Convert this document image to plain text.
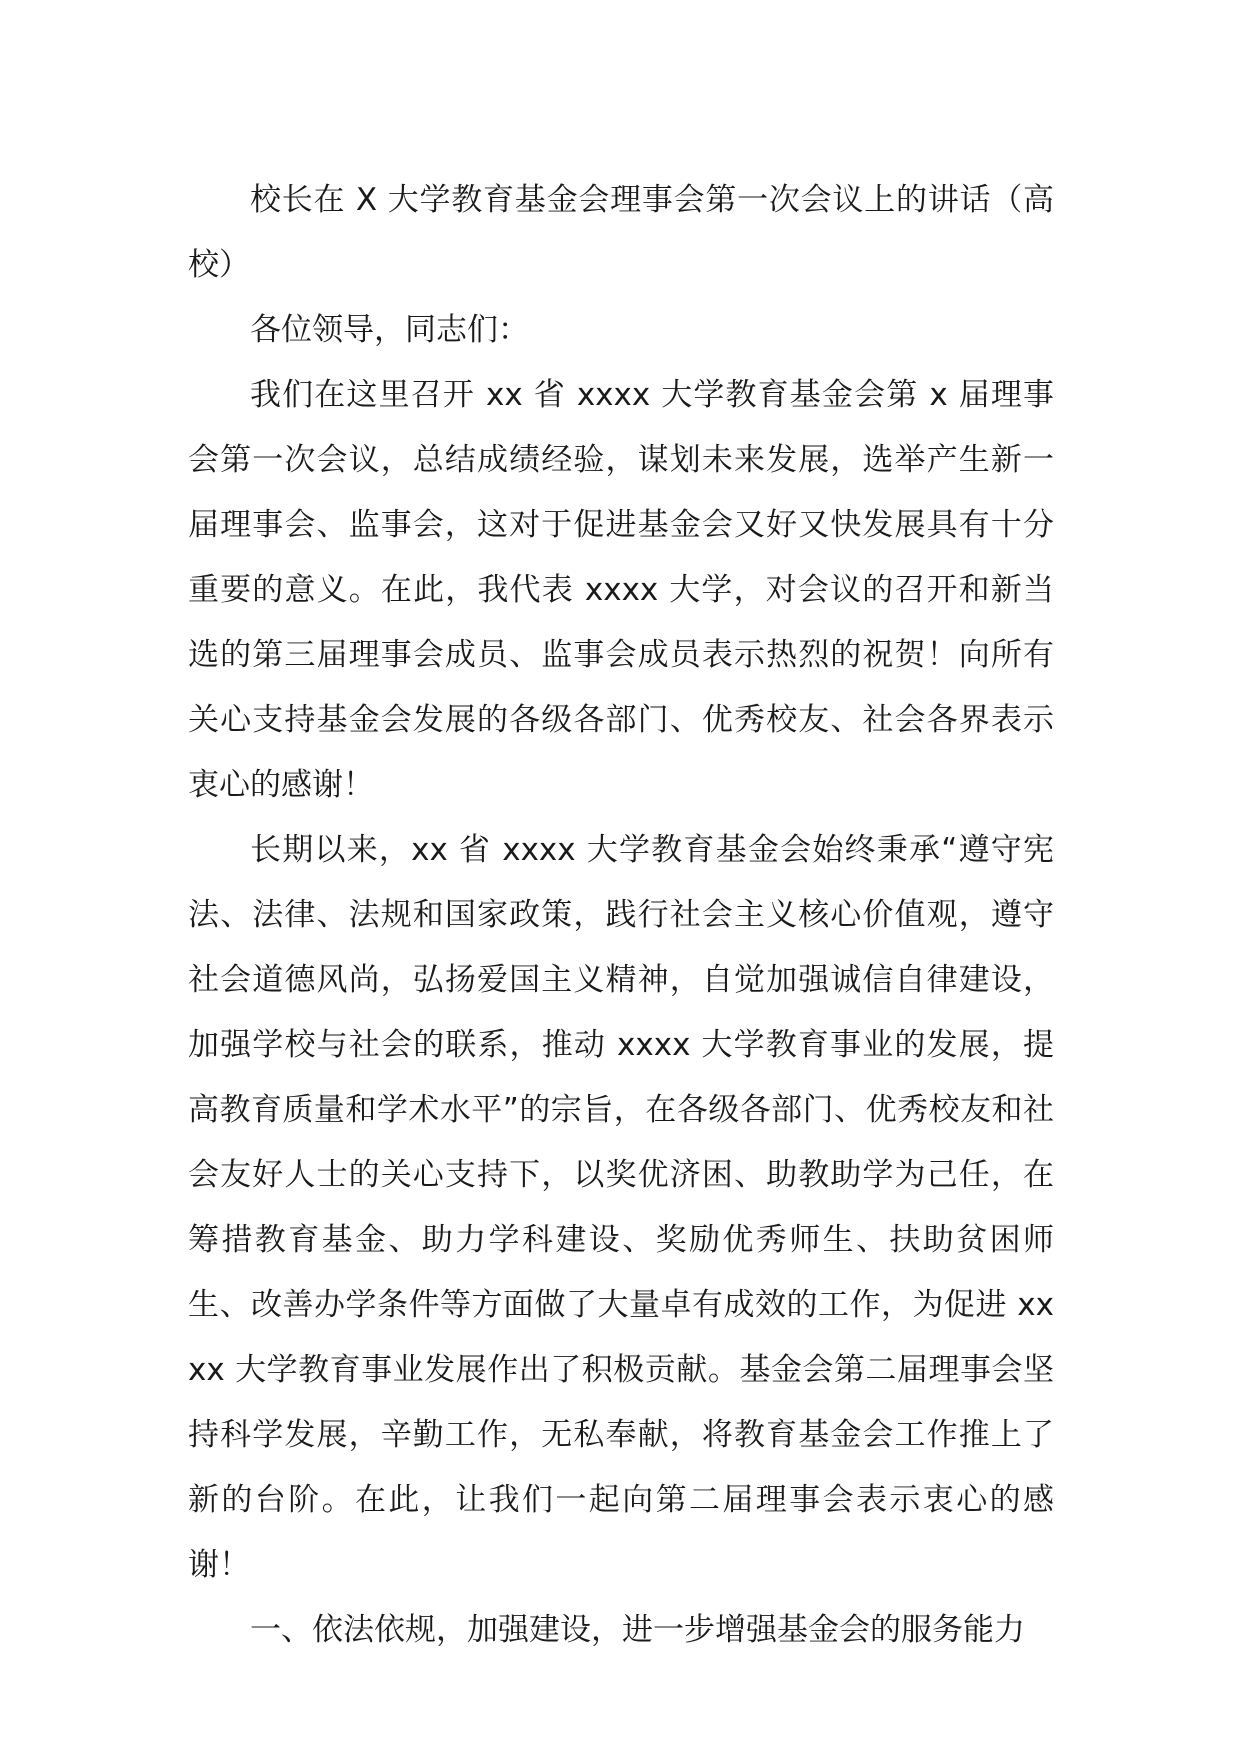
校长在 X 大学教育基金会理事会第一次会议上的讲话（高校）

各位领导，同志们：

我们在这里召开 xx 省 xxxx 大学教育基金会第 x 届理事会第一次会议，总结成绩经验，谋划未来发展，选举产生新一届理事会、监事会，这对于促进基金会又好又快发展具有十分重要的意义。在此，我代表 xxxx 大学，对会议的召开和新当选的第三届理事会成员、监事会成员表示热烈的祝贺！向所有关心支持基金会发展的各级各部门、优秀校友、社会各界表示衷心的感谢！

长期以来，xx 省 xxxx 大学教育基金会始终秉承“遵守宪法、法律、法规和国家政策，践行社会主义核心价值观，遵守社会道德风尚，弘扬爱国主义精神，自觉加强诚信自律建设，加强学校与社会的联系，推动 xxxx 大学教育事业的发展，提高教育质量和学术水平”的宗旨，在各级各部门、优秀校友和社会友好人士的关心支持下，以奖优济困、助教助学为己任，在筹措教育基金、助力学科建设、奖励优秀师生、扶助贫困师生、改善办学条件等方面做了大量卓有成效的工作，为促进 xxxx 大学教育事业发展作出了积极贡献。基金会第二届理事会坚持科学发展，辛勤工作，无私奉献，将教育基金会工作推上了新的台阶。在此，让我们一起向第二届理事会表示衷心的感谢！

一、依法依规，加强建设，进一步增强基金会的服务能力
